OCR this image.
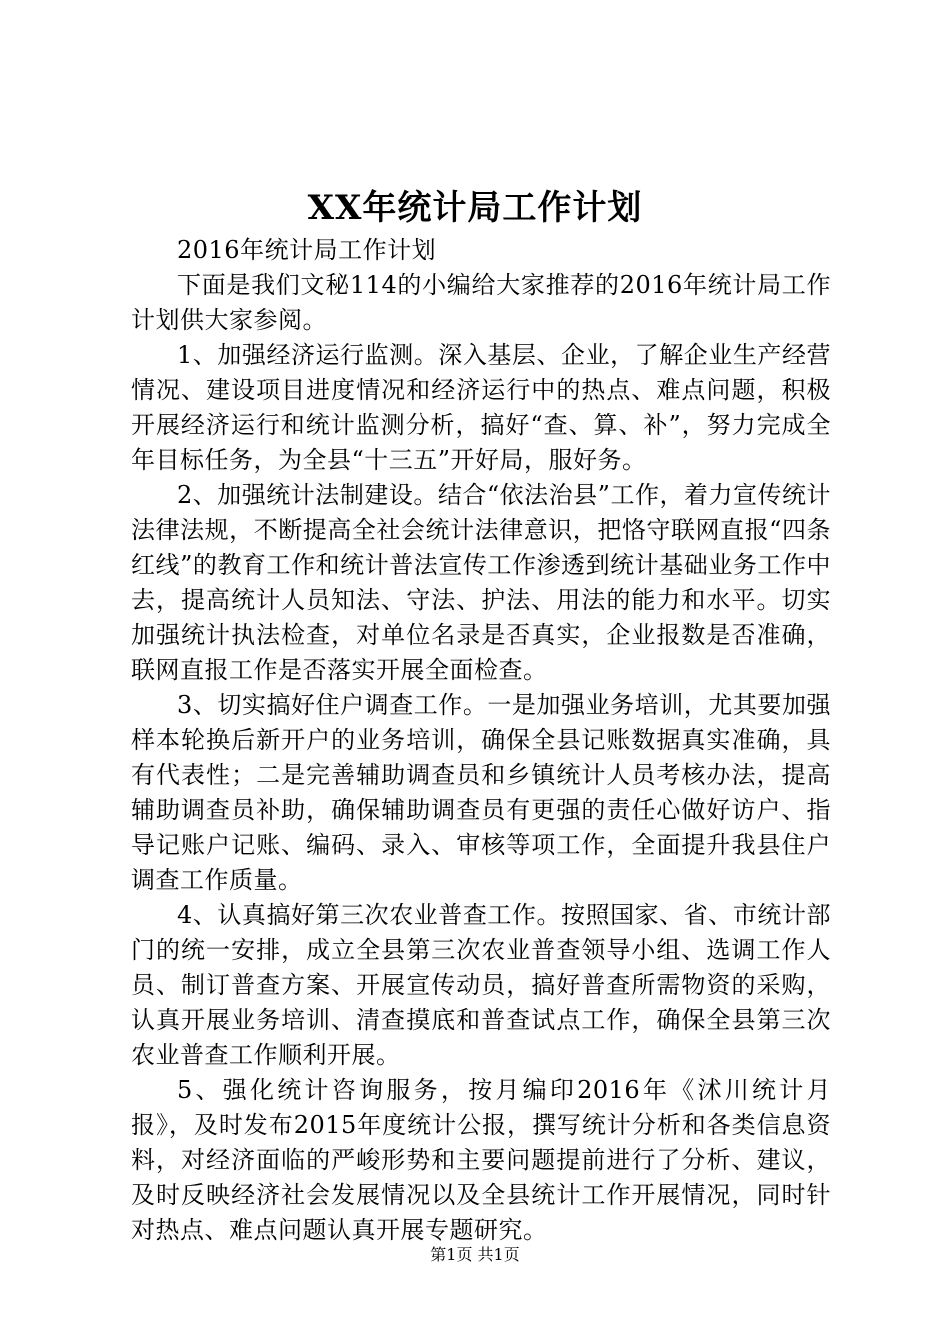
XX年统计局工作计划

2016年统计局工作计划

下面是我们文秘114的小编给大家推荐的2016年统计局工作计划供大家参阅。

1、加强经济运行监测。深入基层、企业，了解企业生产经营情况、建设项目进度情况和经济运行中的热点、难点问题，积极开展经济运行和统计监测分析，搞好“查、算、补”，努力完成全年目标任务，为全县“十三五”开好局，服好务。

2、加强统计法制建设。结合“依法治县”工作，着力宣传统计法律法规，不断提高全社会统计法律意识，把恪守联网直报“四条红线”的教育工作和统计普法宣传工作渗透到统计基础业务工作中去，提高统计人员知法、守法、护法、用法的能力和水平。切实加强统计执法检查，对单位名录是否真实，企业报数是否准确，联网直报工作是否落实开展全面检查。

3、切实搞好住户调查工作。一是加强业务培训，尤其要加强样本轮换后新开户的业务培训，确保全县记账数据真实准确，具有代表性；二是完善辅助调查员和乡镇统计人员考核办法，提高辅助调查员补助，确保辅助调查员有更强的责任心做好访户、指导记账户记账、编码、录入、审核等项工作，全面提升我县住户调查工作质量。

4、认真搞好第三次农业普查工作。按照国家、省、市统计部门的统一安排，成立全县第三次农业普查领导小组、选调工作人员、制订普查方案、开展宣传动员，搞好普查所需物资的采购，认真开展业务培训、清查摸底和普查试点工作，确保全县第三次农业普查工作顺利开展。

5、强化统计咨询服务，按月编印2016年《沭川统计月报》，及时发布2015年度统计公报，撰写统计分析和各类信息资料，对经济面临的严峻形势和主要问题提前进行了分析、建议，及时反映经济社会发展情况以及全县统计工作开展情况，同时针对热点、难点问题认真开展专题研究。

第1页 共1页
